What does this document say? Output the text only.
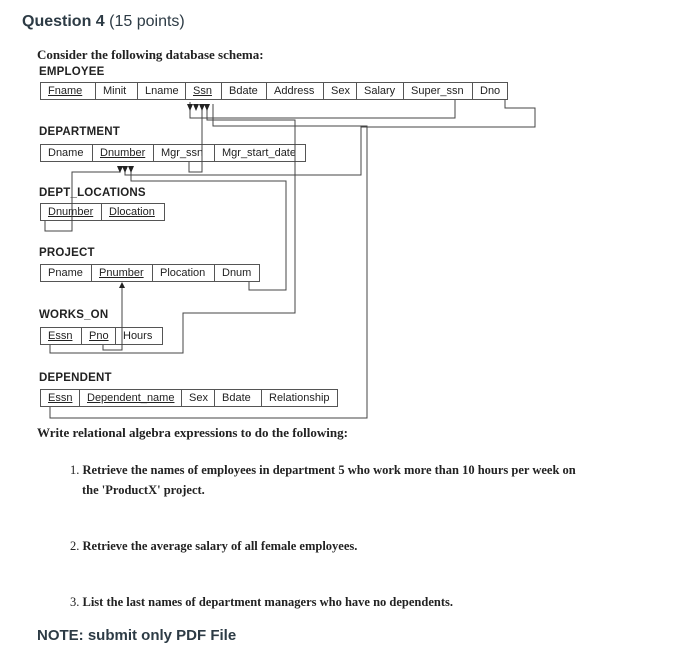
Question 4 (15 points)
Consider the following database schema:
EMPLOYEE
Fname	Minit	Lname	Ssn	Bdate	Address	Sex	Salary	Super_ssn	Dno
DEPARTMENT
Dname	Dnumber	Mgr_ssn	Mgr_start_date
DEPT_LOCATIONS
Dnumber	Dlocation
PROJECT
Pname	Pnumber	Plocation	Dnum
WORKS_ON
Essn	Pno	Hours
DEPENDENT
Essn	Dependent_name	Sex	Bdate	Relationship
Write relational algebra expressions to do the following:
1. Retrieve the names of employees in department 5 who work more than 10 hours per week on
the 'ProductX' project.
2. Retrieve the average salary of all female employees.
3. List the last names of department managers who have no dependents.
NOTE: submit only PDF File
